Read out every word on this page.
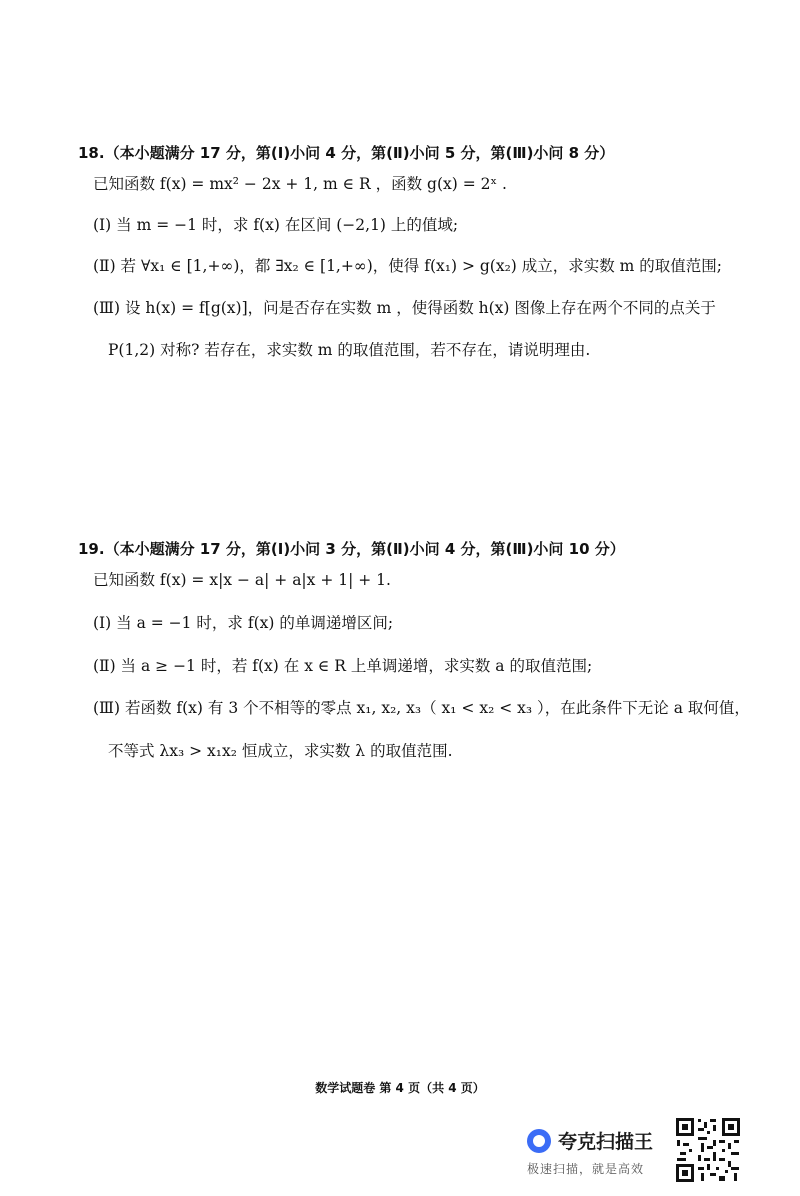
18.（本小题满分 17 分，第(Ⅰ)小问 4 分，第(Ⅱ)小问 5 分，第(Ⅲ)小问 8 分）
已知函数 f(x) = mx² − 2x + 1, m ∈ R ，函数 g(x) = 2ˣ .
(Ⅰ) 当 m = −1 时，求 f(x) 在区间 (−2,1) 上的值域;
(Ⅱ) 若 ∀x₁ ∈ [1,+∞)，都 ∃x₂ ∈ [1,+∞)，使得 f(x₁) > g(x₂) 成立，求实数 m 的取值范围;
(Ⅲ) 设 h(x) = f[g(x)]，问是否存在实数 m ，使得函数 h(x) 图像上存在两个不同的点关于
P(1,2) 对称? 若存在，求实数 m 的取值范围，若不存在，请说明理由.
19.（本小题满分 17 分，第(Ⅰ)小问 3 分，第(Ⅱ)小问 4 分，第(Ⅲ)小问 10 分）
已知函数 f(x) = x|x − a| + a|x + 1| + 1.
(Ⅰ) 当 a = −1 时，求 f(x) 的单调递增区间;
(Ⅱ) 当 a ≥ −1 时，若 f(x) 在 x ∈ R 上单调递增，求实数 a 的取值范围;
(Ⅲ) 若函数 f(x) 有 3 个不相等的零点 x₁, x₂, x₃（ x₁ < x₂ < x₃ ），在此条件下无论 a 取何值，
不等式 λx₃ > x₁x₂ 恒成立，求实数 λ 的取值范围.
数学试题卷 第 4 页（共 4 页）
夸克扫描王
极速扫描，就是高效
